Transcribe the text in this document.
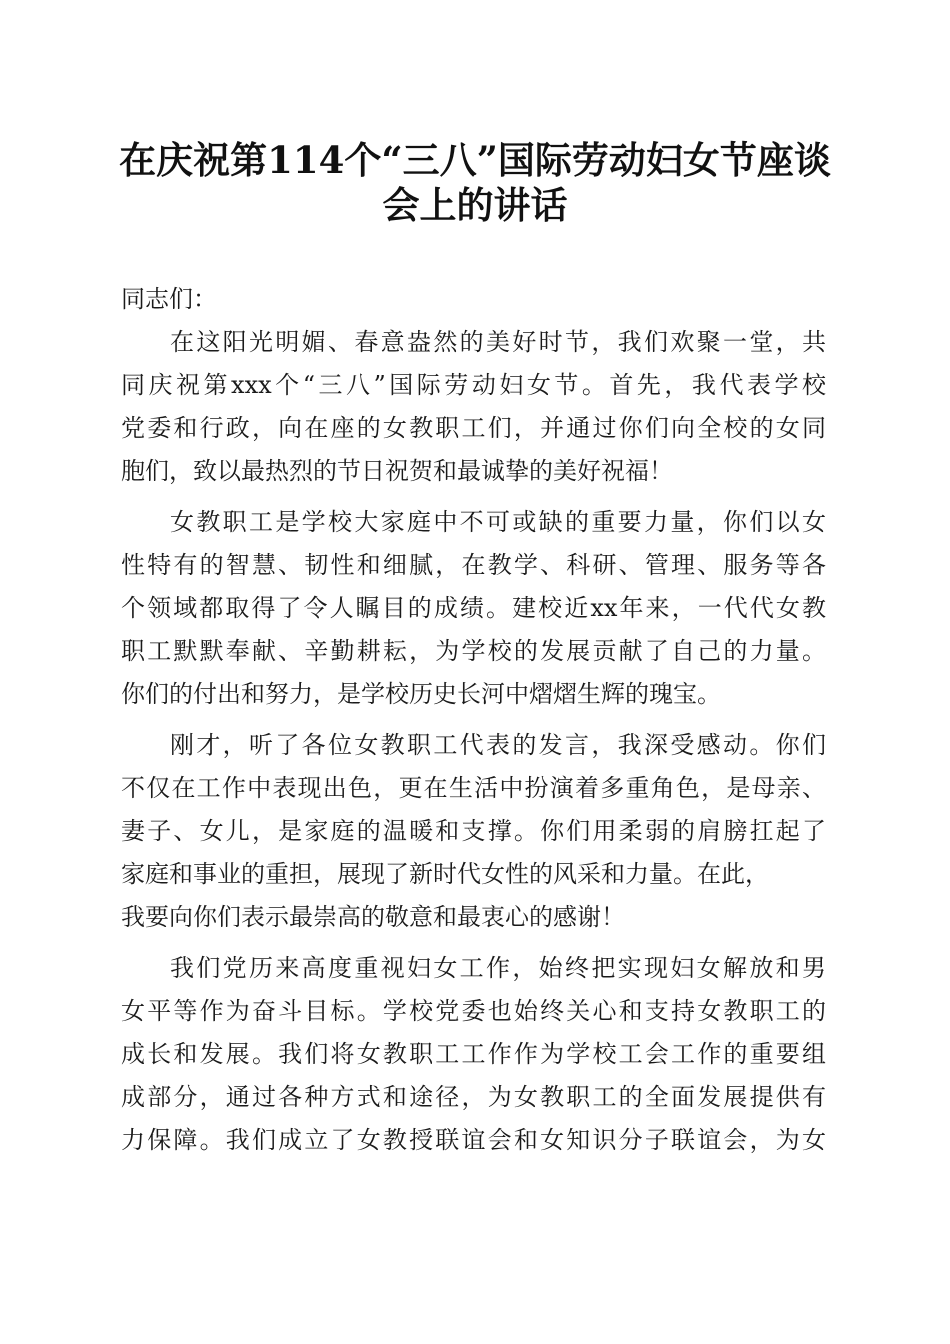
在庆祝第114个“三八”国际劳动妇女节座谈
会上的讲话

同志们：

在这阳光明媚、春意盎然的美好时节，我们欢聚一堂，共

同庆祝第xxx个“三八”国际劳动妇女节。首先，我代表学校

党委和行政，向在座的女教职工们，并通过你们向全校的女同

胞们，致以最热烈的节日祝贺和最诚挚的美好祝福！

女教职工是学校大家庭中不可或缺的重要力量，你们以女

性特有的智慧、韧性和细腻，在教学、科研、管理、服务等各

个领域都取得了令人瞩目的成绩。建校近xx年来，一代代女教

职工默默奉献、辛勤耕耘，为学校的发展贡献了自己的力量。

你们的付出和努力，是学校历史长河中熠熠生辉的瑰宝。

刚才，听了各位女教职工代表的发言，我深受感动。你们

不仅在工作中表现出色，更在生活中扮演着多重角色，是母亲、

妻子、女儿，是家庭的温暖和支撑。你们用柔弱的肩膀扛起了

家庭和事业的重担，展现了新时代女性的风采和力量。在此，

我要向你们表示最崇高的敬意和最衷心的感谢！

我们党历来高度重视妇女工作，始终把实现妇女解放和男

女平等作为奋斗目标。学校党委也始终关心和支持女教职工的

成长和发展。我们将女教职工工作作为学校工会工作的重要组

成部分，通过各种方式和途径，为女教职工的全面发展提供有

力保障。我们成立了女教授联谊会和女知识分子联谊会，为女
